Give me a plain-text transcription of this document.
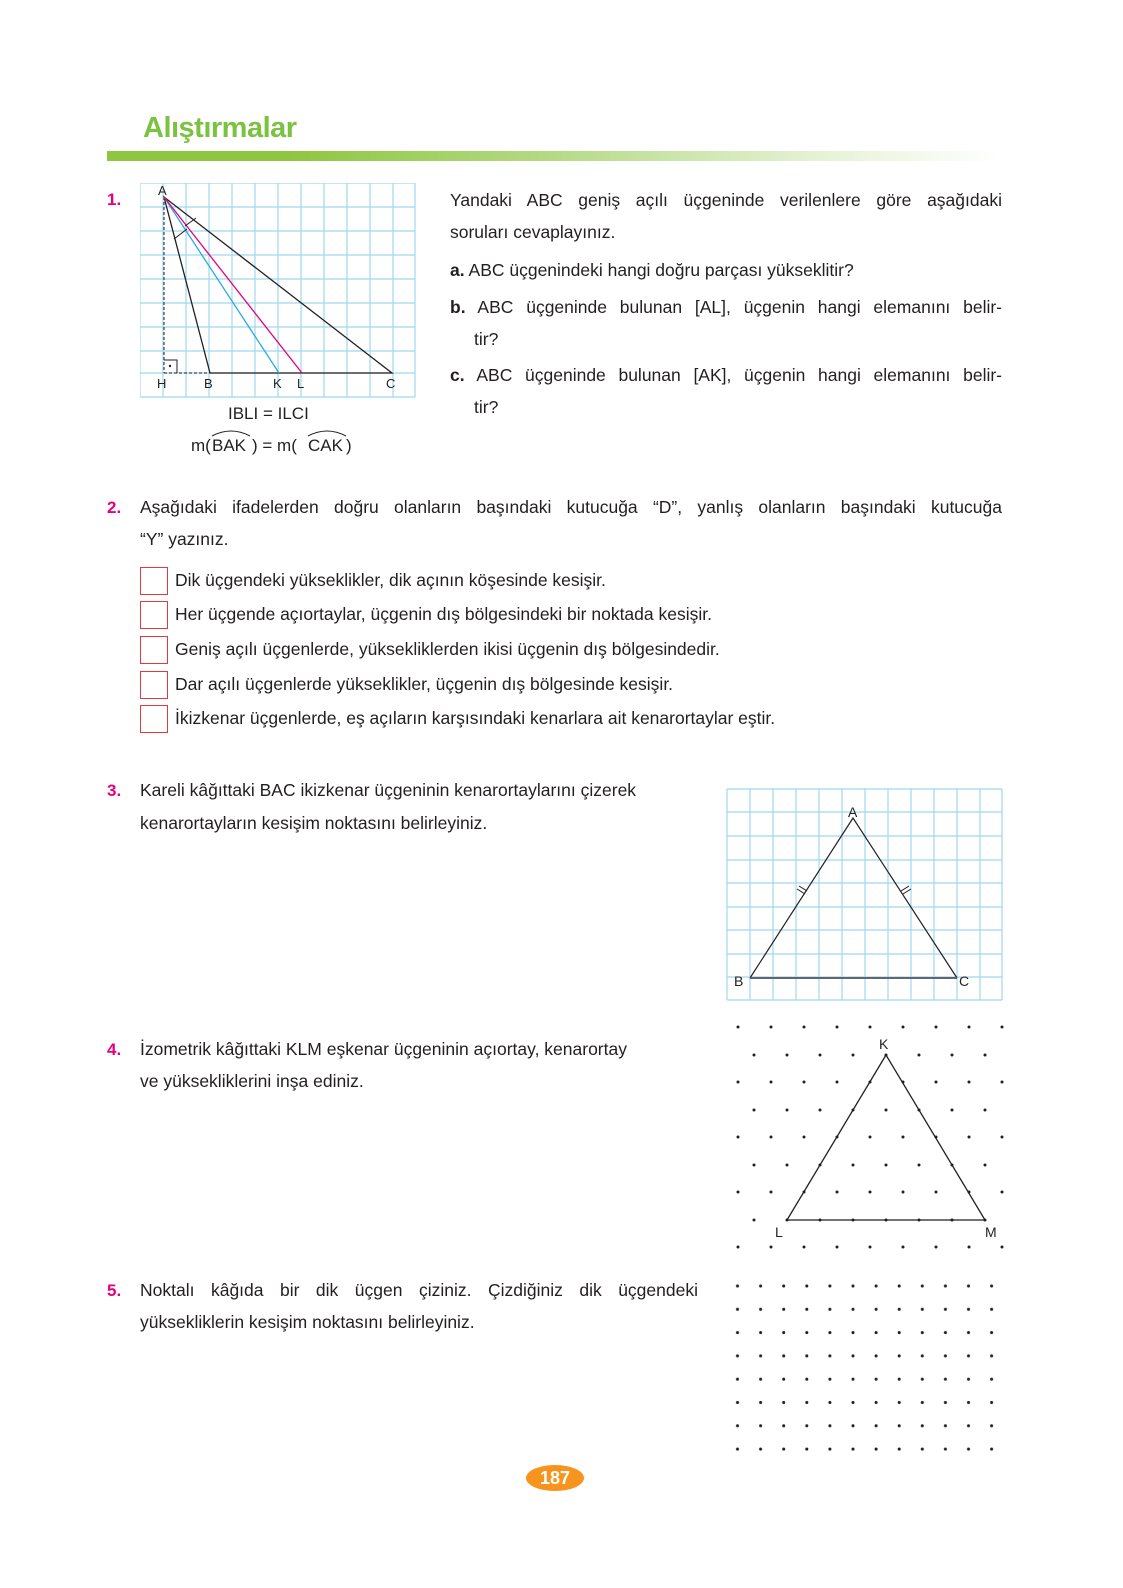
Alıştırmalar
1.	A
H	B	K L	C
IBLI = ILCI
m( BAK ) = m( CAK )
Yandaki ABC geniş açılı üçgeninde verilenlere göre aşağıdaki
soruları cevaplayınız.
a. ABC üçgenindeki hangi doğru parçası yükseklitir?
b. ABC üçgeninde bulunan [AL], üçgenin hangi elemanını belir-
tir?
c. ABC üçgeninde bulunan [AK], üçgenin hangi elemanını belir-
tir?
2. Aşağıdaki ifadelerden doğru olanların başındaki kutucuğa “D”, yanlış olanların başındaki kutucuğa
“Y” yazınız.
Dik üçgendeki yükseklikler, dik açının köşesinde kesişir.
Her üçgende açıortaylar, üçgenin dış bölgesindeki bir noktada kesişir.
Geniş açılı üçgenlerde, yüksekliklerden ikisi üçgenin dış bölgesindedir.
Dar açılı üçgenlerde yükseklikler, üçgenin dış bölgesinde kesişir.
İkizkenar üçgenlerde, eş açıların karşısındaki kenarlara ait kenarortaylar eştir.
3. Kareli kâğıttaki BAC ikizkenar üçgeninin kenarortaylarını çizerek
kenarortayların kesişim noktasını belirleyiniz.
A
B	C
4. İzometrik kâğıttaki KLM eşkenar üçgeninin açıortay, kenarortay
ve yüksekliklerini inşa ediniz.
K
L	M
5. Noktalı kâğıda bir dik üçgen çiziniz. Çizdiğiniz dik üçgendeki
yüksekliklerin kesişim noktasını belirleyiniz.
187
